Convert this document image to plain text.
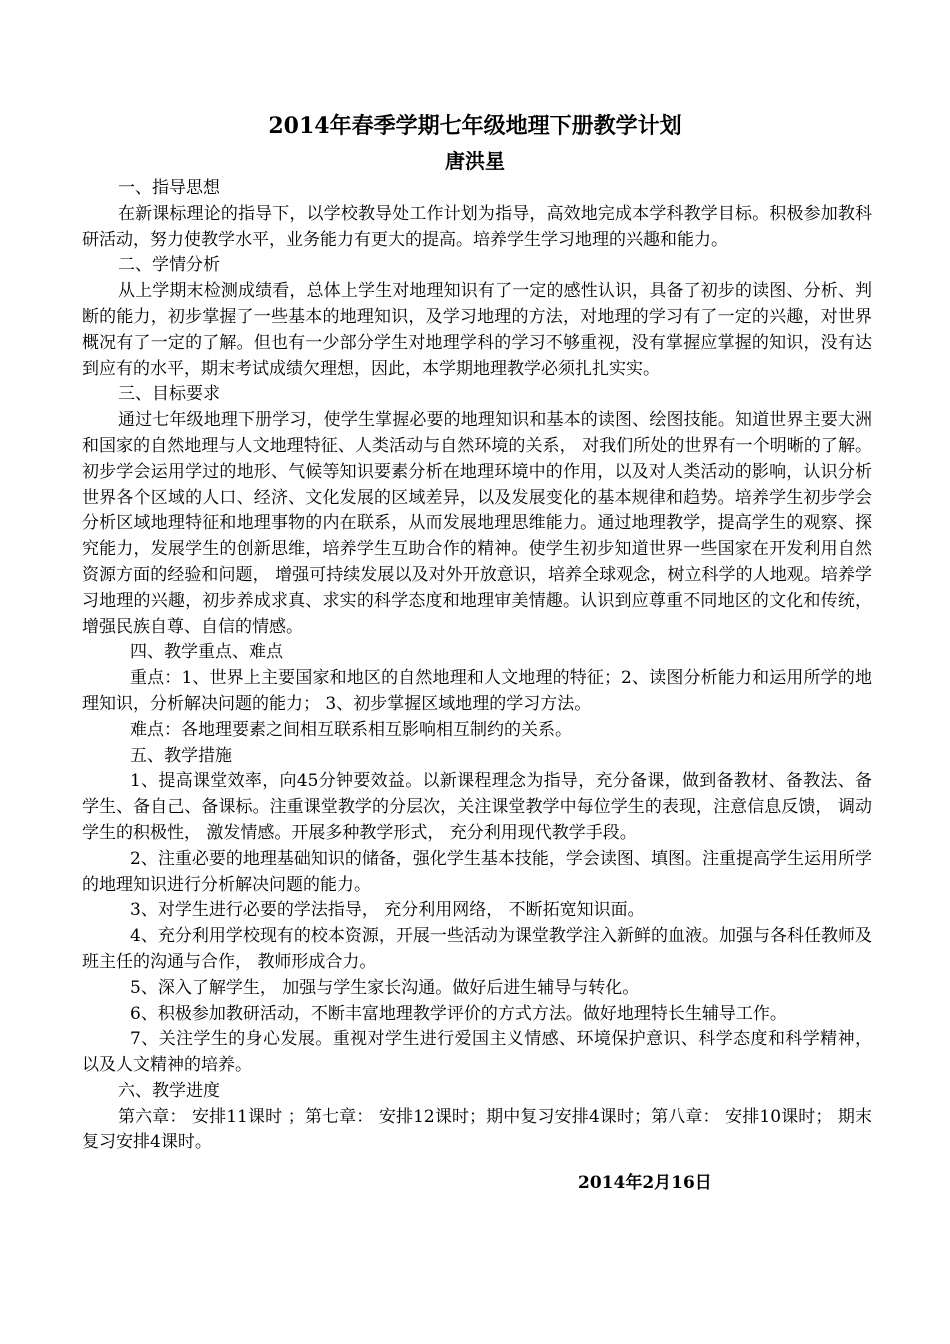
2014年春季学期七年级地理下册教学计划
唐洪星

一、指导思想

在新课标理论的指导下，以学校教导处工作计划为指导，高效地完成本学科教学目标。积极参加教科研活动，努力使教学水平，业务能力有更大的提高。培养学生学习地理的兴趣和能力。

二、学情分析

从上学期末检测成绩看，总体上学生对地理知识有了一定的感性认识，具备了初步的读图、分析、判断的能力，初步掌握了一些基本的地理知识，及学习地理的方法，对地理的学习有了一定的兴趣，对世界概况有了一定的了解。但也有一少部分学生对地理学科的学习不够重视，没有掌握应掌握的知识，没有达到应有的水平，期末考试成绩欠理想，因此，本学期地理教学必须扎扎实实。

三、目标要求

通过七年级地理下册学习，使学生掌握必要的地理知识和基本的读图、绘图技能。知道世界主要大洲和国家的自然地理与人文地理特征、人类活动与自然环境的关系， 对我们所处的世界有一个明晰的了解。初步学会运用学过的地形、气候等知识要素分析在地理环境中的作用，以及对人类活动的影响，认识分析世界各个区域的人口、经济、文化发展的区域差异，以及发展变化的基本规律和趋势。培养学生初步学会分析区域地理特征和地理事物的内在联系，从而发展地理思维能力。通过地理教学，提高学生的观察、探究能力，发展学生的创新思维，培养学生互助合作的精神。使学生初步知道世界一些国家在开发利用自然资源方面的经验和问题， 增强可持续发展以及对外开放意识，培养全球观念，树立科学的人地观。培养学习地理的兴趣，初步养成求真、求实的科学态度和地理审美情趣。认识到应尊重不同地区的文化和传统，增强民族自尊、自信的情感。

四、教学重点、难点

重点：1、世界上主要国家和地区的自然地理和人文地理的特征；2、读图分析能力和运用所学的地理知识，分析解决问题的能力； 3、初步掌握区域地理的学习方法。

难点：各地理要素之间相互联系相互影响相互制约的关系。

五、教学措施

1、提高课堂效率，向45分钟要效益。以新课程理念为指导，充分备课，做到备教材、备教法、备学生、备自己、备课标。注重课堂教学的分层次，关注课堂教学中每位学生的表现，注意信息反馈， 调动学生的积极性， 激发情感。开展多种教学形式， 充分利用现代教学手段。

2、注重必要的地理基础知识的储备，强化学生基本技能，学会读图、填图。注重提高学生运用所学的地理知识进行分析解决问题的能力。

3、对学生进行必要的学法指导， 充分利用网络， 不断拓宽知识面。

4、充分利用学校现有的校本资源，开展一些活动为课堂教学注入新鲜的血液。加强与各科任教师及班主任的沟通与合作， 教师形成合力。

5、深入了解学生， 加强与学生家长沟通。做好后进生辅导与转化。

6、积极参加教研活动，不断丰富地理教学评价的方式方法。做好地理特长生辅导工作。

7、关注学生的身心发展。重视对学生进行爱国主义情感、环境保护意识、科学态度和科学精神， 以及人文精神的培养。

六、教学进度

第六章： 安排11课时 ；第七章： 安排12课时；期中复习安排4课时；第八章： 安排10课时； 期末复习安排4课时。

2014年2月16日
